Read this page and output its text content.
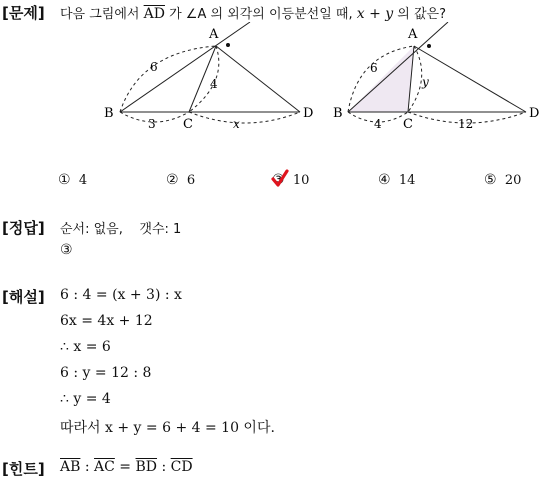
[문제] 다음 그림에서 $\overline{AD}$ 가 ∠A 의 외각의 이등분선일 때, x + y 의 값은?
A
B
C
D
6
4
3	x
A
B
C
D
6
y
4	12
① 4	② 6	③ 10	④ 14	⑤ 20
[정답] 순서: 없음,    갯수: 1
③
[해설] 6 : 4 = (x + 3) : x
6x = 4x + 12
∴ x = 6
6 : y = 12 : 8
∴ y = 4
따라서 x + y = 6 + 4 = 10 이다.
[힌트] $\overline{AB}$ : $\overline{AC} = \overline{BD}$ : $\overline{CD}$
